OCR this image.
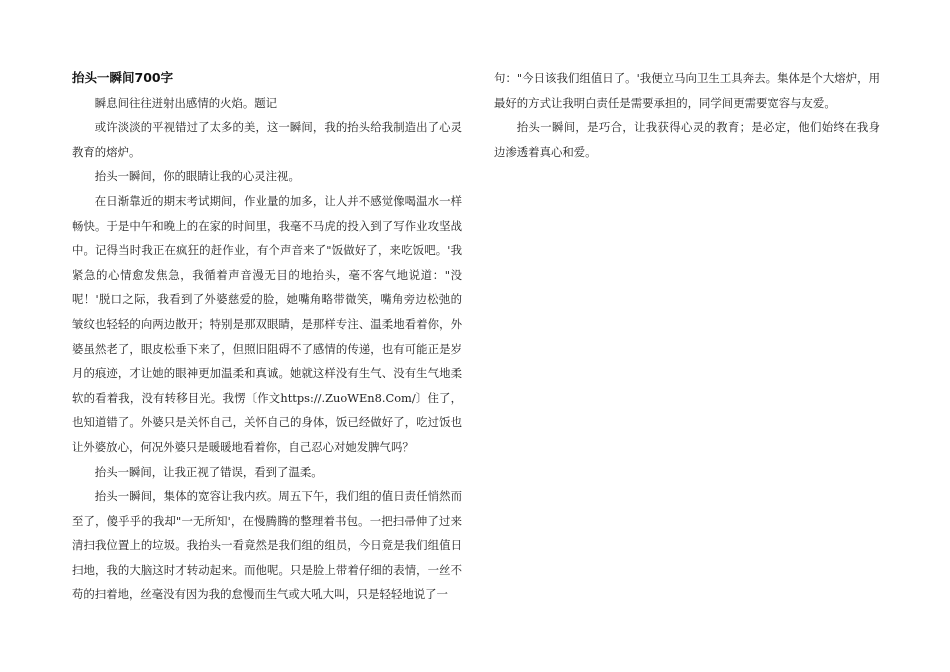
抬头一瞬间700字

瞬息间往往迸射出感情的火焰。题记

或许淡淡的平视错过了太多的美，这一瞬间，我的抬头给我制造出了心灵教育的熔炉。

抬头一瞬间，你的眼睛让我的心灵注视。

在日渐靠近的期末考试期间，作业量的加多，让人并不感觉像喝温水一样畅快。于是中午和晚上的在家的时间里，我毫不马虎的投入到了写作业攻坚战中。记得当时我正在疯狂的赶作业，有个声音来了"饭做好了，来吃饭吧。'我紧急的心情愈发焦急，我循着声音漫无目的地抬头，毫不客气地说道："没呢！'脱口之际，我看到了外婆慈爱的脸，她嘴角略带微笑，嘴角旁边松弛的皱纹也轻轻的向两边散开；特别是那双眼睛，是那样专注、温柔地看着你，外婆虽然老了，眼皮松垂下来了，但照旧阻碍不了感情的传递，也有可能正是岁月的痕迹，才让她的眼神更加温柔和真诚。她就这样没有生气、没有生气地柔软的看着我，没有转移目光。我愣〔作文https://.ZuoWEn8.Com/〕住了，也知道错了。外婆只是关怀自己，关怀自己的身体，饭已经做好了，吃过饭也让外婆放心，何况外婆只是暖暖地看着你，自己忍心对她发脾气吗？

抬头一瞬间，让我正视了错误，看到了温柔。

抬头一瞬间，集体的宽容让我内疚。周五下午，我们组的值日责任悄然而至了，傻乎乎的我却"一无所知'，在慢腾腾的整理着书包。一把扫帚伸了过来清扫我位置上的垃圾。我抬头一看竟然是我们组的组员，今日竟是我们组值日扫地，我的大脑这时才转动起来。而他呢。只是脸上带着仔细的表情，一丝不苟的扫着地，丝毫没有因为我的怠慢而生气或大吼大叫，只是轻轻地说了一

句："今日该我们组值日了。'我便立马向卫生工具奔去。集体是个大熔炉，用最好的方式让我明白责任是需要承担的，同学间更需要宽容与友爱。

抬头一瞬间，是巧合，让我获得心灵的教育；是必定，他们始终在我身边渗透着真心和爱。
